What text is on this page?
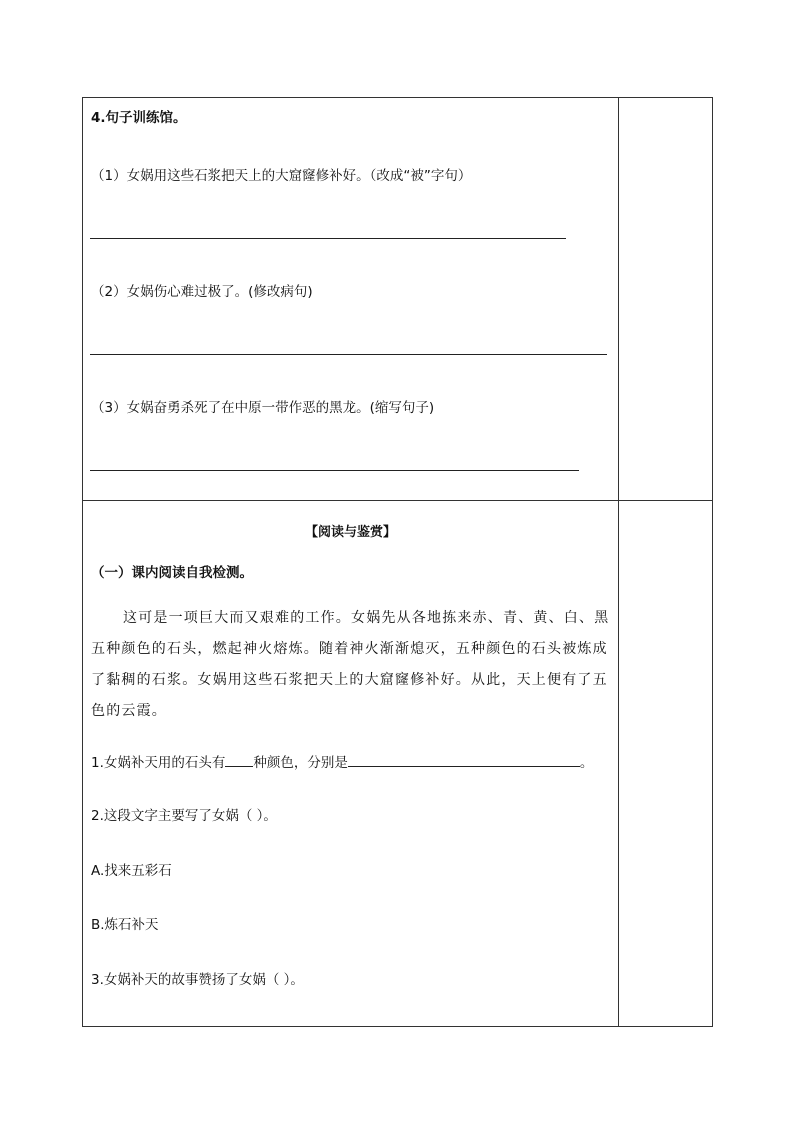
4.句子训练馆。
（1）女娲用这些石浆把天上的大窟窿修补好。（改成“被”字句）
（2）女娲伤心难过极了。(修改病句)
（3）女娲奋勇杀死了在中原一带作恶的黑龙。(缩写句子)
【阅读与鉴赏】
（一）课内阅读自我检测。
这可是一项巨大而又艰难的工作。女娲先从各地拣来赤、青、黄、白、黑五种颜色的石头，燃起神火熔炼。随着神火渐渐熄灭，五种颜色的石头被炼成了黏稠的石浆。女娲用这些石浆把天上的大窟窿修补好。从此，天上便有了五色的云霞。
1.女娲补天用的石头有 种颜色，分别是	。
2.这段文字主要写了女娲（ ）。
A.找来五彩石
B.炼石补天
3.女娲补天的故事赞扬了女娲（ ）。
